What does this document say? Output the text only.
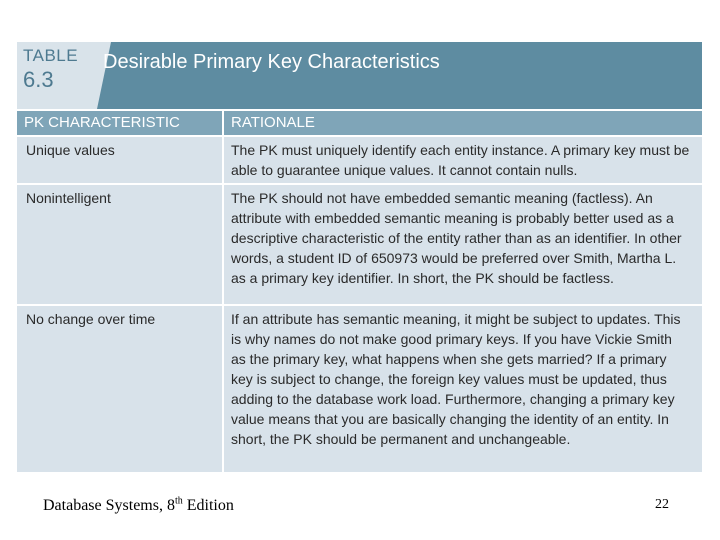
TABLE
6.3
Desirable Primary Key Characteristics
PK CHARACTERISTIC	RATIONALE
Unique values	The PK must uniquely identify each entity instance. A primary key must be able to guarantee unique values. It cannot contain nulls.
Nonintelligent	The PK should not have embedded semantic meaning (factless). An attribute with embedded semantic meaning is probably better used as a descriptive characteristic of the entity rather than as an identifier. In other words, a student ID of 650973 would be preferred over Smith, Martha L. as a primary key identifier. In short, the PK should be factless.
No change over time	If an attribute has semantic meaning, it might be subject to updates. This is why names do not make good primary keys. If you have Vickie Smith as the primary key, what happens when she gets married? If a primary key is subject to change, the foreign key values must be updated, thus adding to the database work load. Furthermore, changing a primary key value means that you are basically changing the identity of an entity. In short, the PK should be permanent and unchangeable.
Database Systems, 8th Edition	22
